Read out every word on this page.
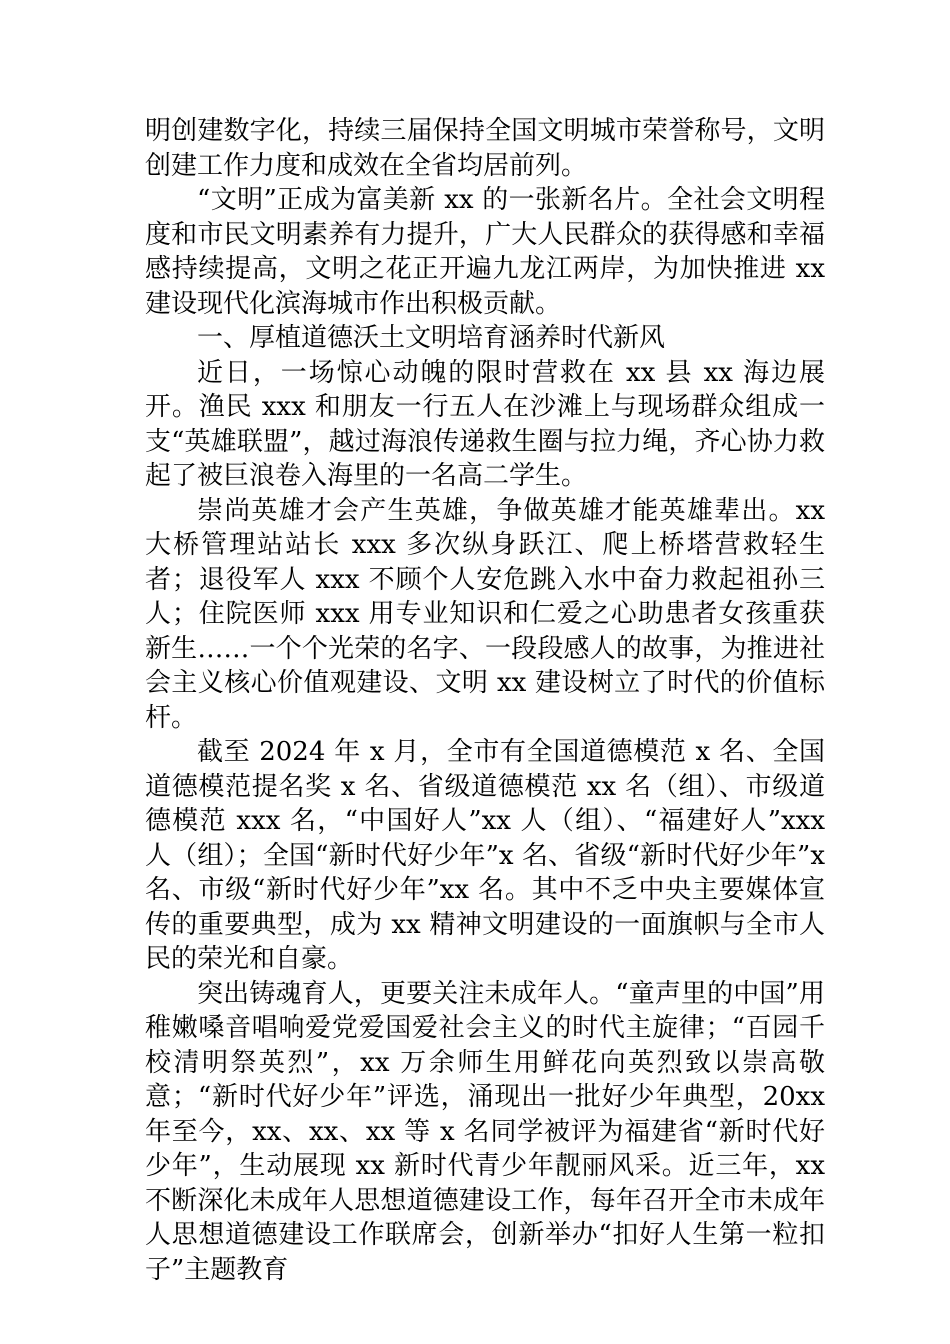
明创建数字化，持续三届保持全国文明城市荣誉称号，文明创建工作力度和成效在全省均居前列。

“文明”正成为富美新 xx 的一张新名片。全社会文明程度和市民文明素养有力提升，广大人民群众的获得感和幸福感持续提高，文明之花正开遍九龙江两岸，为加快推进 xx 建设现代化滨海城市作出积极贡献。

一、厚植道德沃土文明培育涵养时代新风

近日，一场惊心动魄的限时营救在 xx 县 xx 海边展开。渔民 xxx 和朋友一行五人在沙滩上与现场群众组成一支“英雄联盟”，越过海浪传递救生圈与拉力绳，齐心协力救起了被巨浪卷入海里的一名高二学生。

崇尚英雄才会产生英雄，争做英雄才能英雄辈出。xx 大桥管理站站长 xxx 多次纵身跃江、爬上桥塔营救轻生者；退役军人 xxx 不顾个人安危跳入水中奋力救起祖孙三人；住院医师 xxx 用专业知识和仁爱之心助患者女孩重获新生……一个个光荣的名字、一段段感人的故事，为推进社会主义核心价值观建设、文明 xx 建设树立了时代的价值标杆。

截至 2024 年 x 月，全市有全国道德模范 x 名、全国道德模范提名奖 x 名、省级道德模范 xx 名（组）、市级道德模范 xxx 名，“中国好人”xx 人（组）、“福建好人”xxx 人（组）；全国“新时代好少年”x 名、省级“新时代好少年”x 名、市级“新时代好少年”xx 名。其中不乏中央主要媒体宣传的重要典型，成为 xx 精神文明建设的一面旗帜与全市人民的荣光和自豪。

突出铸魂育人，更要关注未成年人。“童声里的中国”用稚嫩嗓音唱响爱党爱国爱社会主义的时代主旋律；“百园千校清明祭英烈”，xx 万余师生用鲜花向英烈致以崇高敬意；“新时代好少年”评选，涌现出一批好少年典型，20xx 年至今，xx、xx、xx 等 x 名同学被评为福建省“新时代好少年”，生动展现 xx 新时代青少年靓丽风采。近三年，xx 不断深化未成年人思想道德建设工作，每年召开全市未成年人思想道德建设工作联席会，创新举办“扣好人生第一粒扣子”主题教育
